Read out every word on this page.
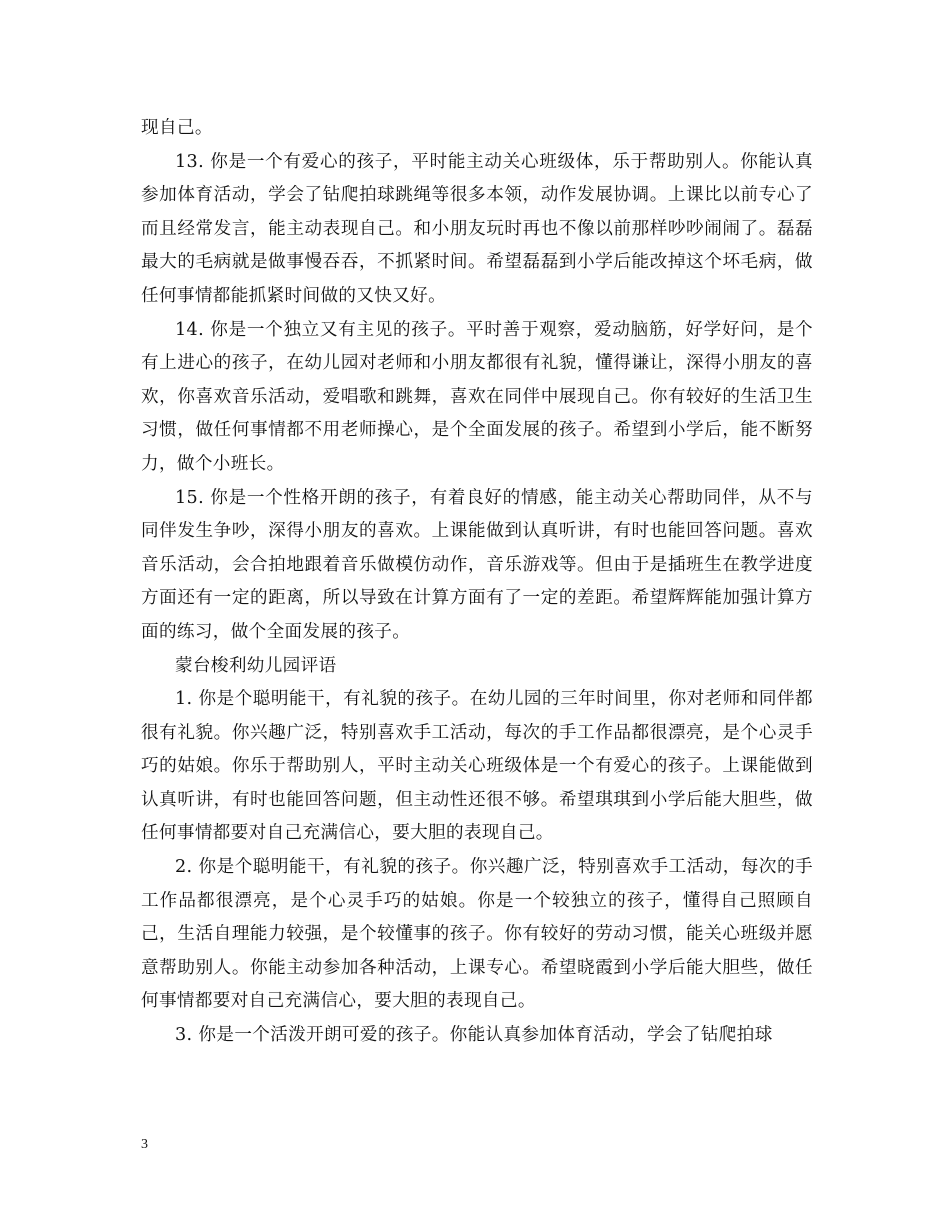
现自己。

13. 你是一个有爱心的孩子，平时能主动关心班级体，乐于帮助别人。你能认真参加体育活动，学会了钻爬拍球跳绳等很多本领，动作发展协调。上课比以前专心了而且经常发言，能主动表现自己。和小朋友玩时再也不像以前那样吵吵闹闹了。磊磊最大的毛病就是做事慢吞吞，不抓紧时间。希望磊磊到小学后能改掉这个坏毛病，做任何事情都能抓紧时间做的又快又好。

14. 你是一个独立又有主见的孩子。平时善于观察，爱动脑筋，好学好问，是个有上进心的孩子，在幼儿园对老师和小朋友都很有礼貌，懂得谦让，深得小朋友的喜欢，你喜欢音乐活动，爱唱歌和跳舞，喜欢在同伴中展现自己。你有较好的生活卫生习惯，做任何事情都不用老师操心，是个全面发展的孩子。希望到小学后，能不断努力，做个小班长。

15. 你是一个性格开朗的孩子，有着良好的情感，能主动关心帮助同伴，从不与同伴发生争吵，深得小朋友的喜欢。上课能做到认真听讲，有时也能回答问题。喜欢音乐活动，会合拍地跟着音乐做模仿动作，音乐游戏等。但由于是插班生在教学进度方面还有一定的距离，所以导致在计算方面有了一定的差距。希望辉辉能加强计算方面的练习，做个全面发展的孩子。

蒙台梭利幼儿园评语

1. 你是个聪明能干，有礼貌的孩子。在幼儿园的三年时间里，你对老师和同伴都很有礼貌。你兴趣广泛，特别喜欢手工活动，每次的手工作品都很漂亮，是个心灵手巧的姑娘。你乐于帮助别人，平时主动关心班级体是一个有爱心的孩子。上课能做到认真听讲，有时也能回答问题，但主动性还很不够。希望琪琪到小学后能大胆些，做任何事情都要对自己充满信心，要大胆的表现自己。

2. 你是个聪明能干，有礼貌的孩子。你兴趣广泛，特别喜欢手工活动，每次的手工作品都很漂亮，是个心灵手巧的姑娘。你是一个较独立的孩子，懂得自己照顾自己，生活自理能力较强，是个较懂事的孩子。你有较好的劳动习惯，能关心班级并愿意帮助别人。你能主动参加各种活动，上课专心。希望晓霞到小学后能大胆些，做任何事情都要对自己充满信心，要大胆的表现自己。

3. 你是一个活泼开朗可爱的孩子。你能认真参加体育活动，学会了钻爬拍球

3
